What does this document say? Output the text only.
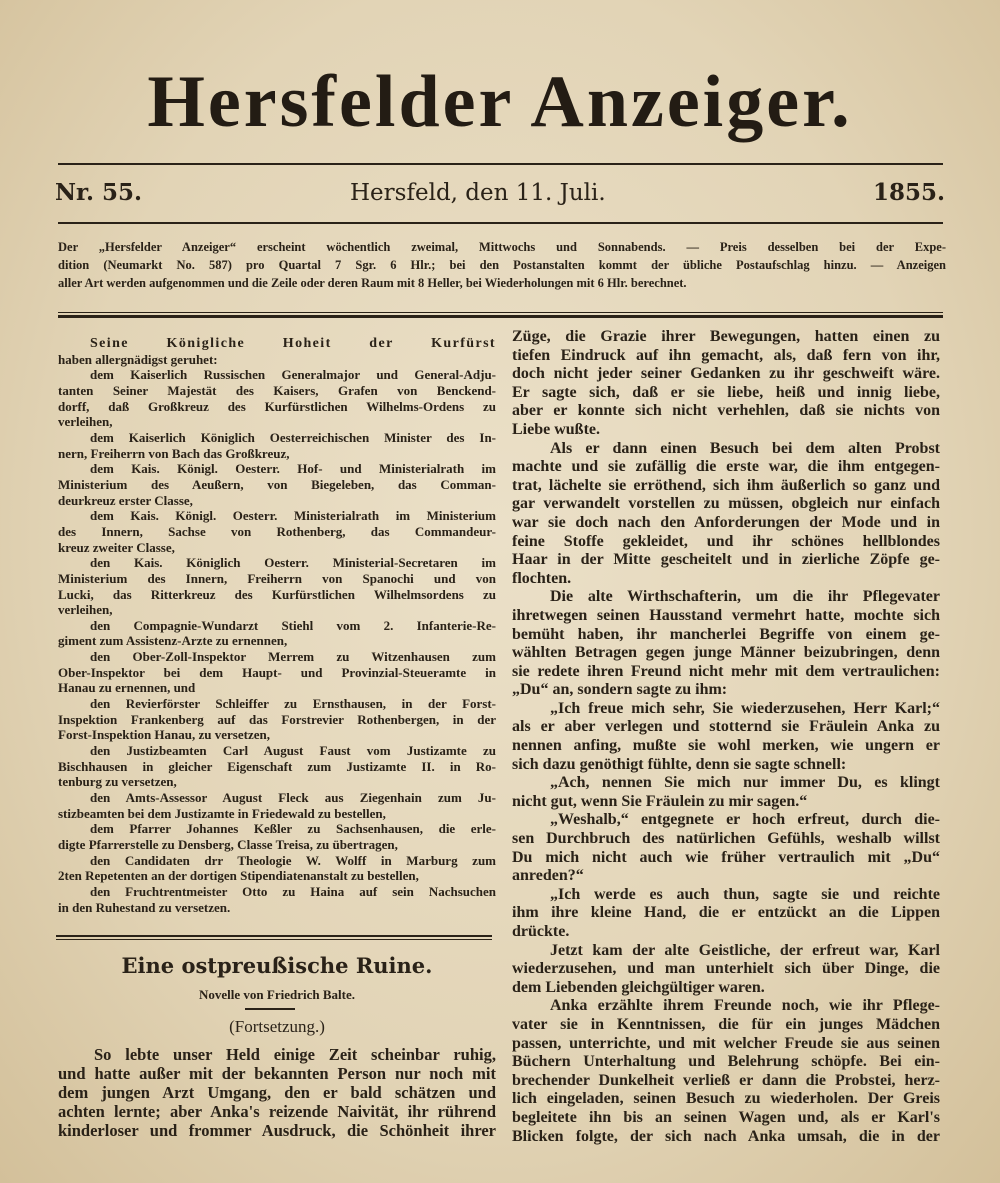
Hersfelder Anzeiger.
Nr. 55.	Hersfeld, den 11. Juli.	1855.
Der „Hersfelder Anzeiger“ erscheint wöchentlich zweimal, Mittwochs und Sonnabends. — Preis desselben bei der Expe-
dition (Neumarkt No. 587) pro Quartal 7 Sgr. 6 Hlr.; bei den Postanstalten kommt der übliche Postaufschlag hinzu. — Anzeigen
aller Art werden aufgenommen und die Zeile oder deren Raum mit 8 Heller, bei Wiederholungen mit 6 Hlr. berechnet.
Seine Königliche Hoheit der Kurfürst
haben allergnädigst geruhet:
dem Kaiserlich Russischen Generalmajor und General-Adju-
tanten Seiner Majestät des Kaisers, Grafen von Benckend-
dorff, daß Großkreuz des Kurfürstlichen Wilhelms-Ordens zu
verleihen,
dem Kaiserlich Königlich Oesterreichischen Minister des In-
nern, Freiherrn von Bach das Großkreuz,
dem Kais. Königl. Oesterr. Hof- und Ministerialrath im
Ministerium des Aeußern, von Biegeleben, das Comman-
deurkreuz erster Classe,
dem Kais. Königl. Oesterr. Ministerialrath im Ministerium
des Innern, Sachse von Rothenberg, das Commandeur-
kreuz zweiter Classe,
den Kais. Königlich Oesterr. Ministerial-Secretaren im
Ministerium des Innern, Freiherrn von Spanochi und von
Lucki, das Ritterkreuz des Kurfürstlichen Wilhelmsordens zu
verleihen,
den Compagnie-Wundarzt Stiehl vom 2. Infanterie-Re-
giment zum Assistenz-Arzte zu ernennen,
den Ober-Zoll-Inspektor Merrem zu Witzenhausen zum
Ober-Inspektor bei dem Haupt- und Provinzial-Steueramte in
Hanau zu ernennen, und
den Revierförster Schleiffer zu Ernsthausen, in der Forst-
Inspektion Frankenberg auf das Forstrevier Rothenbergen, in der
Forst-Inspektion Hanau, zu versetzen,
den Justizbeamten Carl August Faust vom Justizamte zu
Bischhausen in gleicher Eigenschaft zum Justizamte II. in Ro-
tenburg zu versetzen,
den Amts-Assessor August Fleck aus Ziegenhain zum Ju-
stizbeamten bei dem Justizamte in Friedewald zu bestellen,
dem Pfarrer Johannes Keßler zu Sachsenhausen, die erle-
digte Pfarrerstelle zu Densberg, Classe Treisa, zu übertragen,
den Candidaten drr Theologie W. Wolff in Marburg zum
2ten Repetenten an der dortigen Stipendiatenanstalt zu bestellen,
den Fruchtrentmeister Otto zu Haina auf sein Nachsuchen
in den Ruhestand zu versetzen.
Eine ostpreußische Ruine.
Novelle von Friedrich Balte.
(Fortsetzung.)
So lebte unser Held einige Zeit scheinbar ruhig,
und hatte außer mit der bekannten Person nur noch mit
dem jungen Arzt Umgang, den er bald schätzen und
achten lernte; aber Anka's reizende Naivität, ihr rührend
kinderloser und frommer Ausdruck, die Schönheit ihrer
Züge, die Grazie ihrer Bewegungen, hatten einen zu
tiefen Eindruck auf ihn gemacht, als, daß fern von ihr,
doch nicht jeder seiner Gedanken zu ihr geschweift wäre.
Er sagte sich, daß er sie liebe, heiß und innig liebe,
aber er konnte sich nicht verhehlen, daß sie nichts von
Liebe wußte.
Als er dann einen Besuch bei dem alten Probst
machte und sie zufällig die erste war, die ihm entgegen-
trat, lächelte sie erröthend, sich ihm äußerlich so ganz und
gar verwandelt vorstellen zu müssen, obgleich nur einfach
war sie doch nach den Anforderungen der Mode und in
feine Stoffe gekleidet, und ihr schönes hellblondes
Haar in der Mitte gescheitelt und in zierliche Zöpfe ge-
flochten.
Die alte Wirthschafterin, um die ihr Pflegevater
ihretwegen seinen Hausstand vermehrt hatte, mochte sich
bemüht haben, ihr mancherlei Begriffe von einem ge-
wählten Betragen gegen junge Männer beizubringen, denn
sie redete ihren Freund nicht mehr mit dem vertraulichen:
„Du“ an, sondern sagte zu ihm:
„Ich freue mich sehr, Sie wiederzusehen, Herr Karl;“
als er aber verlegen und stotternd sie Fräulein Anka zu
nennen anfing, mußte sie wohl merken, wie ungern er
sich dazu genöthigt fühlte, denn sie sagte schnell:
„Ach, nennen Sie mich nur immer Du, es klingt
nicht gut, wenn Sie Fräulein zu mir sagen.“
„Weshalb,“ entgegnete er hoch erfreut, durch die-
sen Durchbruch des natürlichen Gefühls, weshalb willst
Du mich nicht auch wie früher vertraulich mit „Du“
anreden?“
„Ich werde es auch thun, sagte sie und reichte
ihm ihre kleine Hand, die er entzückt an die Lippen
drückte.
Jetzt kam der alte Geistliche, der erfreut war, Karl
wiederzusehen, und man unterhielt sich über Dinge, die
dem Liebenden gleichgültiger waren.
Anka erzählte ihrem Freunde noch, wie ihr Pflege-
vater sie in Kenntnissen, die für ein junges Mädchen
passen, unterrichte, und mit welcher Freude sie aus seinen
Büchern Unterhaltung und Belehrung schöpfe. Bei ein-
brechender Dunkelheit verließ er dann die Probstei, herz-
lich eingeladen, seinen Besuch zu wiederholen. Der Greis
begleitete ihn bis an seinen Wagen und, als er Karl's
Blicken folgte, der sich nach Anka umsah, die in der
